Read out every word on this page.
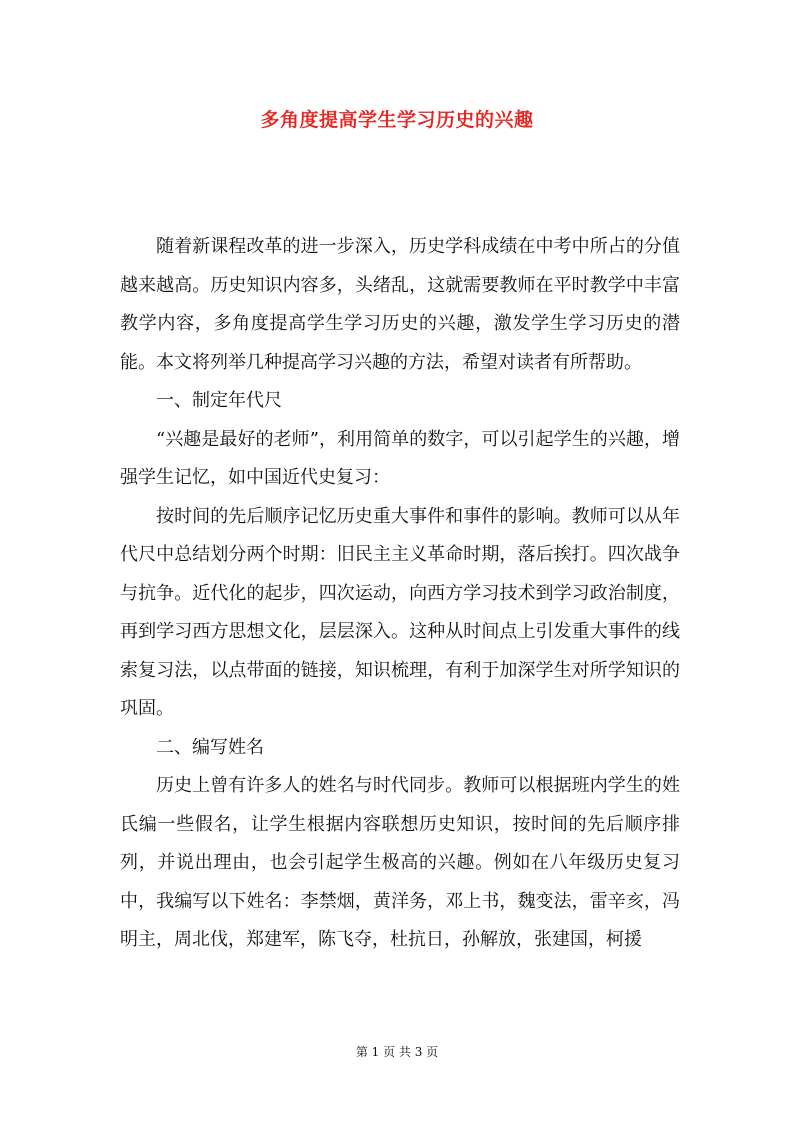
多角度提高学生学习历史的兴趣

随着新课程改革的进一步深入，历史学科成绩在中考中所占的分值越来越高。历史知识内容多，头绪乱，这就需要教师在平时教学中丰富教学内容，多角度提高学生学习历史的兴趣，激发学生学习历史的潜能。本文将列举几种提高学习兴趣的方法，希望对读者有所帮助。

一、制定年代尺

“兴趣是最好的老师”，利用简单的数字，可以引起学生的兴趣，增强学生记忆，如中国近代史复习：

按时间的先后顺序记忆历史重大事件和事件的影响。教师可以从年代尺中总结划分两个时期：旧民主主义革命时期，落后挨打。四次战争与抗争。近代化的起步，四次运动，向西方学习技术到学习政治制度，再到学习西方思想文化，层层深入。这种从时间点上引发重大事件的线索复习法，以点带面的链接，知识梳理，有利于加深学生对所学知识的巩固。

二、编写姓名

历史上曾有许多人的姓名与时代同步。教师可以根据班内学生的姓氏编一些假名，让学生根据内容联想历史知识，按时间的先后顺序排列，并说出理由，也会引起学生极高的兴趣。例如在八年级历史复习中，我编写以下姓名：李禁烟，黄洋务，邓上书，魏变法，雷辛亥，冯明主，周北伐，郑建军，陈飞夺，杜抗日，孙解放，张建国，柯援

第 1 页 共 3 页
